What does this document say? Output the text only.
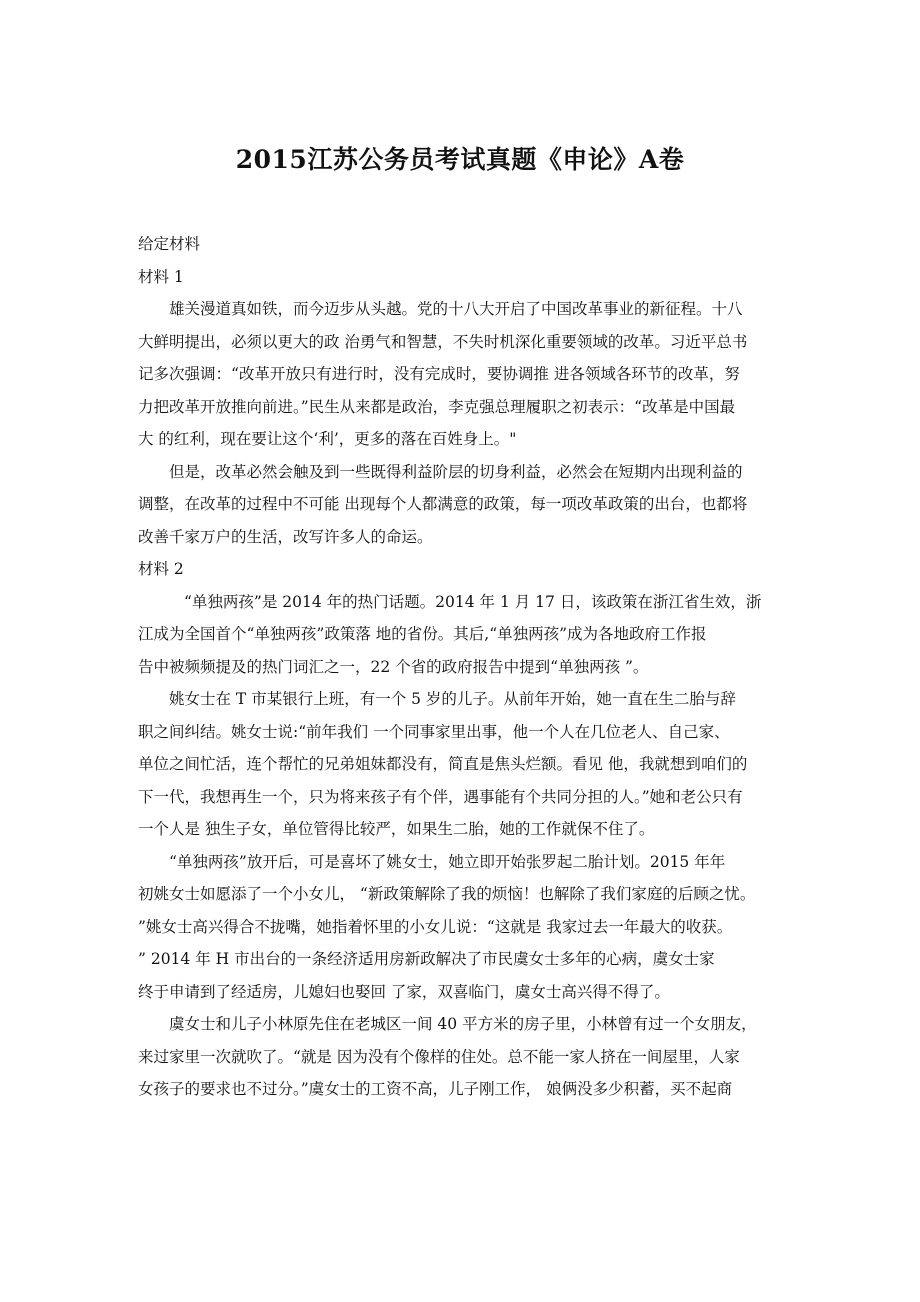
2015江苏公务员考试真题《申论》A卷
给定材料
材料 1
雄关漫道真如铁，而今迈步从头越。党的十八大开启了中国改革事业的新征程。十八
大鲜明提出，必须以更大的政 治勇气和智慧，不失时机深化重要领域的改革。习近平总书
记多次强调：“改革开放只有进行时，没有完成时，要协调推 进各领域各环节的改革，努
力把改革开放推向前进。”民生从来都是政治，李克强总理履职之初表示：“改革是中国最
大 的红利，现在要让这个‘利’，更多的落在百姓身上。"
但是，改革必然会触及到一些既得利益阶层的切身利益，必然会在短期内出现利益的
调整，在改革的过程中不可能 出现每个人都满意的政策，每一项改革政策的出台，也都将
改善千家万户的生活，改写许多人的命运。
材料 2
“单独两孩”是 2014 年的热门话题。2014 年 1 月 17 日，该政策在浙江省生效，浙
江成为全国首个“单独两孩”政策落 地的省份。其后,“单独两孩”成为各地政府工作报
告中被频频提及的热门词汇之一，22 个省的政府报告中提到“单独两孩 ”。
姚女士在 T 市某银行上班，有一个 5 岁的儿子。从前年开始，她一直在生二胎与辞
职之间纠结。姚女士说:“前年我们 一个同事家里出事，他一个人在几位老人、自己家、
单位之间忙活，连个帮忙的兄弟姐妹都没有，简直是焦头烂额。看见 他，我就想到咱们的
下一代，我想再生一个，只为将来孩子有个伴，遇事能有个共同分担的人。”她和老公只有
一个人是 独生子女，单位管得比较严，如果生二胎，她的工作就保不住了。
“单独两孩”放开后，可是喜坏了姚女士，她立即开始张罗起二胎计划。2015 年年
初姚女士如愿添了一个小女儿， “新政策解除了我的烦恼！也解除了我们家庭的后顾之忧。
”姚女士高兴得合不拢嘴，她指着怀里的小女儿说：“这就是 我家过去一年最大的收获。
” 2014 年 H 市出台的一条经济适用房新政解决了市民虞女士多年的心病，虞女士家
终于申请到了经适房，儿媳妇也娶回 了家，双喜临门，虞女士高兴得不得了。
虞女士和儿子小林原先住在老城区一间 40 平方米的房子里，小林曾有过一个女朋友，
来过家里一次就吹了。“就是 因为没有个像样的住处。总不能一家人挤在一间屋里，人家
女孩子的要求也不过分。”虞女士的工资不高，儿子刚工作， 娘俩没多少积蓄，买不起商
